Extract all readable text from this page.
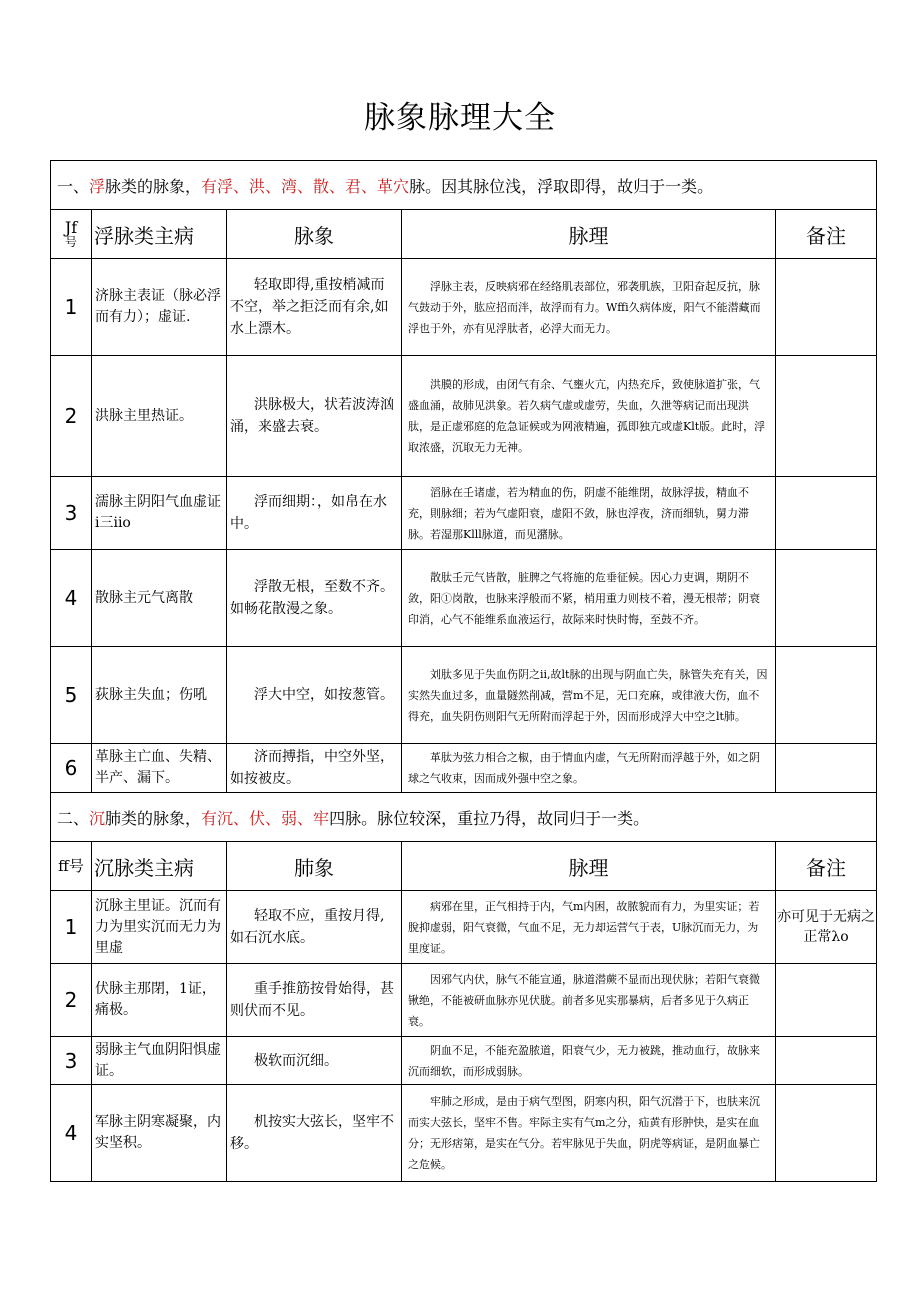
脉象脉理大全
一、浮脉类的脉象，有浮、洪、湾、散、君、革穴脉。因其脉位浅，浮取即得，故归于一类。				
Jf
号	浮脉类主病	脉象	脉理	备注
1	济脉主表证（脉必浮而有力）；虚证.	轻取即得,重按梢减而不空，举之拒泛而有余,如水上漂木。	浮脉主表，反映病邪在经络肌表部位，邪袭肌族，卫阳奋起反抗，脉气鼓动于外，肱应招而泮，故浮而有力。Wffi久病体废，阳气不能潜藏而浮也于外，亦有见浮肽者，必浮大而无力。	
2	洪脉主里热证。	洪脉极大，状若波涛汹涌，来盛去衰。	洪膜的形成，由闭气有余、气壅火亢，内热充斥，致使脉道扩张，气盛血涌，故肺见洪象。若久病气虚或虚劳，失血，久泄等病记而出现洪肽，是正虚邪庭的危急证候或为网液精遍，孤即独亢或虚Klt版。此时，浮取浓盛，沉取无力无神。	
3	濡脉主阴阳气血虚证i三iio	浮而细期：，如帛在水中。	滔脉在壬诸虚，若为精血的伤，阴虚不能维閉，故脉浮拔，精血不充，則脉细；若为气虚阳衰，虚阳不敛，脉也浮夜，济而细轨，舅力滞脉。若湿那Klll脉道，而见潴脉。	
4	散脉主元气离散	浮散无根，至数不齐。如畅花散漫之象。	散肽壬元气皆散，脏脾之气将施的危垂征候。因心力吏调，期阴不敛，阳①岗散，也脉来浮般而不紧，梢用重力则枝不着，漫无根蒂；阴衰印消，心气不能维系血液运行，故际来时快时悔，至鼓不齐。	
5	荻脉主失血；伤吼	浮大中空，如按葱管。	刘肽多见于失血伤阴之ii,故lt脉的出现与阴血亡失，脉管失充有关，因实然失血过多，血量隧然削减，营m不足，无口充麻，或律液大伤，血不得充，血失阴伤则阳气无所附而浮起于外，因而形成浮大中空之lt肺。	
6	革脉主亡血、失精、半产、漏下。	济而搏指，中空外坚，如按被皮。	革肽为弦力相合之椒，由于情血内虚，气无所附而浮越于外，如之阴球之气收束，因而成外强中空之象。	
二、沉肺类的脉象，有沉、伏、弱、牢四脉。脉位较深，重拉乃得，故同归于一类。				
ff号	沉脉类主病	肺象	脉理	备注
1	沉脉主里证。沉而有力为里实沉而无力为里虚	轻取不应，重按月得,如石沉水底。	病邪在里，正气相持于内，气m内困，故脓貌而有力，为里实证；若脫抑虚弱，阳气衰微，气血不足，无力却运营气于表，U脉沉而无力，为里度证。	亦可见于无病之正常λo
2	伏脉主那閉，1证，痛极。	重手推筋按骨始得，甚则伏而不见。	因邪气内伏，脉气不能宣通，脉道潜蕨不显而出现伏脉；若阳气衰微锹绝，不能被研血脉亦见伏胧。前者多见实那暴病，后者多见于久病正衰。	
3	弱脉主气血阴阳惧虚证。	极软而沉细。	阴血不足，不能充盈脓道，阳衰气少，无力被跳，推动血行，故脉来沉而细软，而形成弱脉。	
4	军脉主阴寒凝聚，内实坚积。	机按实大弦长，坚牢不移。	牢肺之形成，是由于病气型图，阴寒内积，阳气沉潜于下，也肤来沉而实大弦长，坚牢不售。牢际主实有气m之分，疝黄有形肿快，是实在血分；无形痞第，是实在气分。若牢脉见于失血，阴虎等病证，是阴血暴亡之危候。	
